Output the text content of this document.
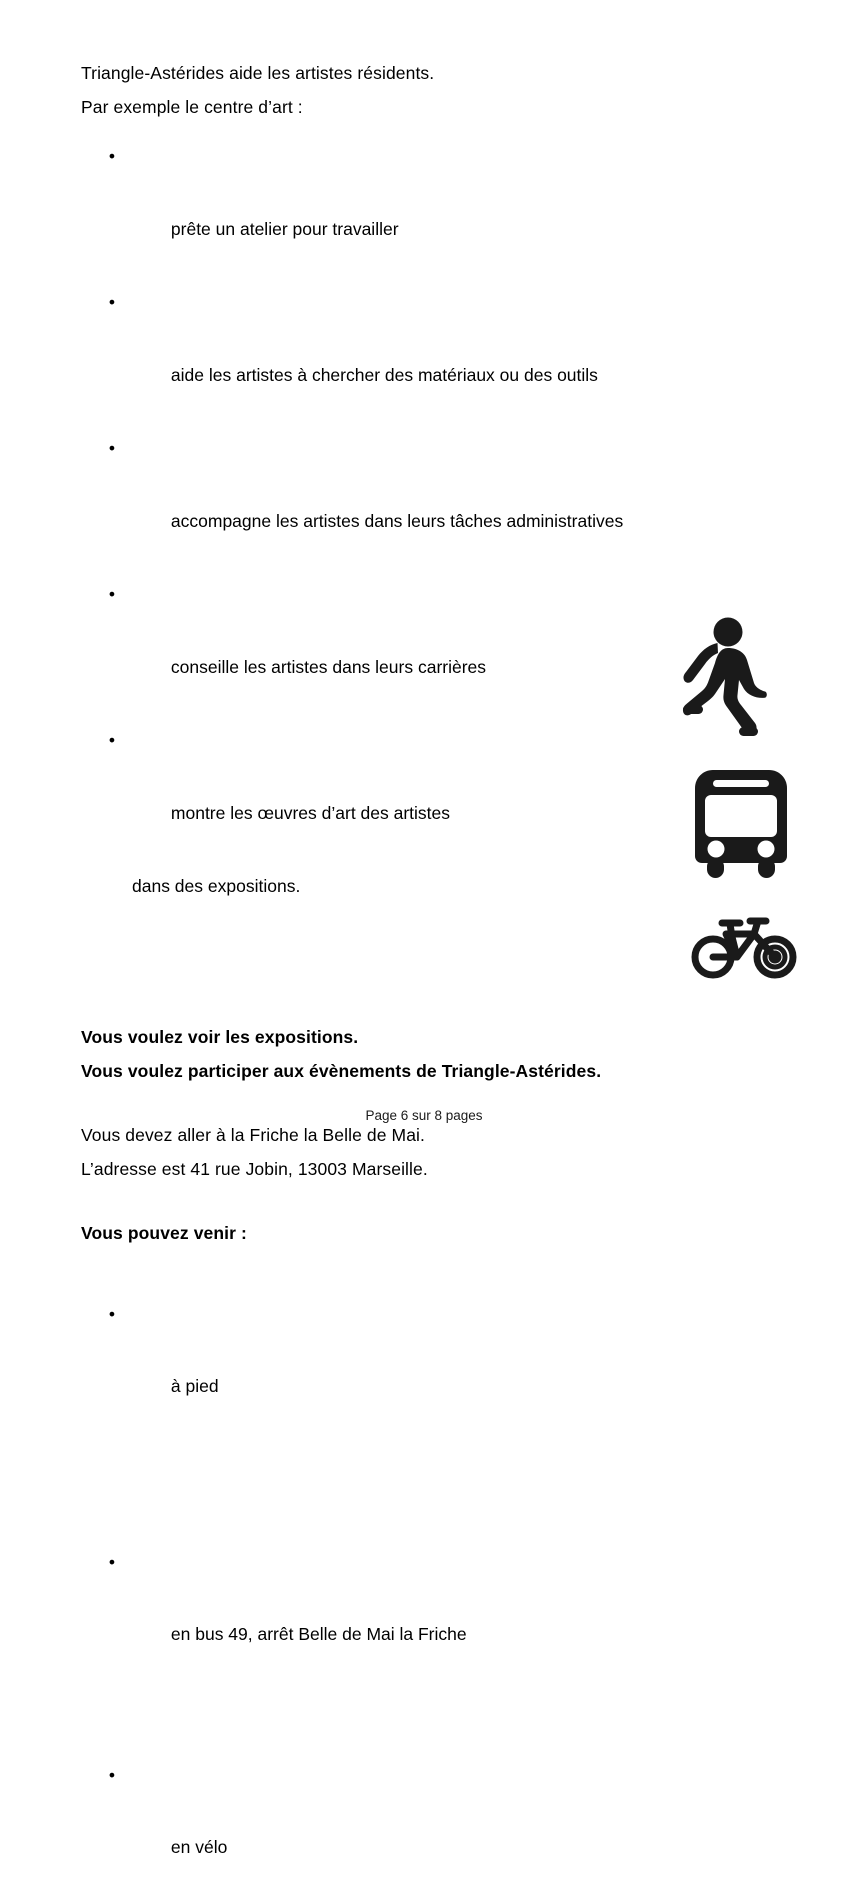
Triangle-Astérides aide les artistes résidents.
Par exemple le centre d’art :

•

prête un atelier pour travailler

•

aide les artistes à chercher des matériaux ou des outils

•

accompagne les artistes dans leurs tâches administratives

•

conseille les artistes dans leurs carrières

•

montre les œuvres d’art des artistes

dans des expositions.

Vous voulez voir les expositions.
Vous voulez participer aux évènements de Triangle-Astérides.
Vous devez aller à la Friche la Belle de Mai.
L’adresse est 41 rue Jobin, 13003 Marseille.
Vous pouvez venir :

•

à pied

•

en bus 49, arrêt Belle de Mai la Friche

•

en vélo

Page 6 sur 8 pages
